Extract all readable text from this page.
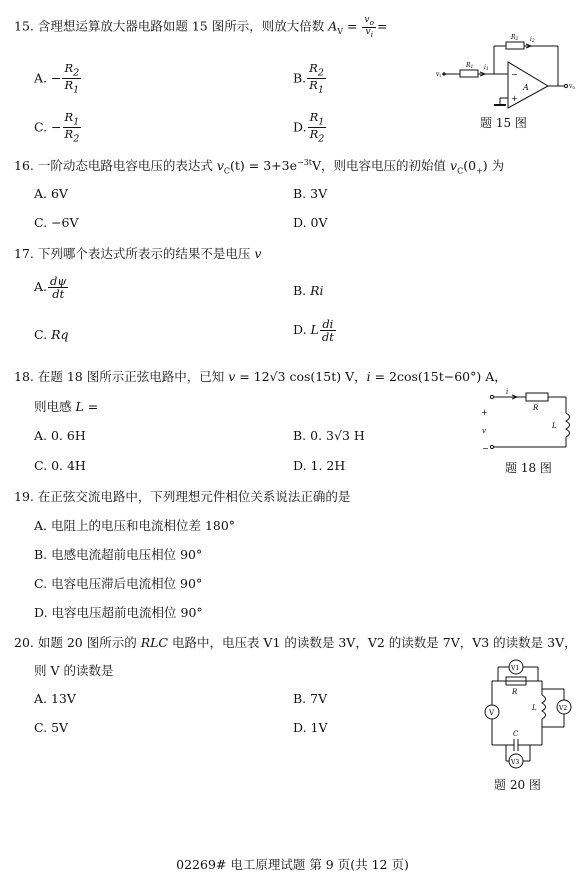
15. 含理想运算放大器电路如题 15 图所示，则放大倍数 $A_V = \frac{v_o}{v_i}$ =
A. − $\frac{R_2}{R_1}$	B. $\frac{R_2}{R_1}$
C. − $\frac{R_1}{R_2}$	D. $\frac{R_1}{R_2}$
vi
R1 i1
R2 i2
−
+
A	vo
题 15 图
16. 一阶动态电路电容电压的表达式 $v_C(t) = 3+3e^{-3t}V$，则电容电压的初始值 $v_C(0_+)$ 为
A. 6V	B. 3V
C. −6V	D. 0V
17. 下列哪个表达式所表示的结果不是电压 v
A. $\frac{d\psi}{dt}$	B. Ri
C. Rq	D. L $\frac{di}{dt}$
18. 在题 18 图所示正弦电路中，已知 v = 12√3 cos(15t) V，i = 2cos(15t−60°) A，
则电感 L =
A. 0. 6H	B. 0. 3√3 H
C. 0. 4H	D. 1. 2H
+
v
−
i
R
L
题 18 图
19. 在正弦交流电路中，下列理想元件相位关系说法正确的是
A. 电阻上的电压和电流相位差 180°
B. 电感电流超前电压相位 90°
C. 电容电压滞后电流相位 90°
D. 电容电压超前电流相位 90°
20. 如题 20 图所示的 RLC 电路中，电压表 V1 的读数是 3V，V2 的读数是 7V，V3 的读数是 3V，
则 V 的读数是
A. 13V	B. 7V
C. 5V	D. 1V
V1
V2
V
V3
R
L
C
题 20 图
02269# 电工原理试题 第 9 页(共 12 页)
